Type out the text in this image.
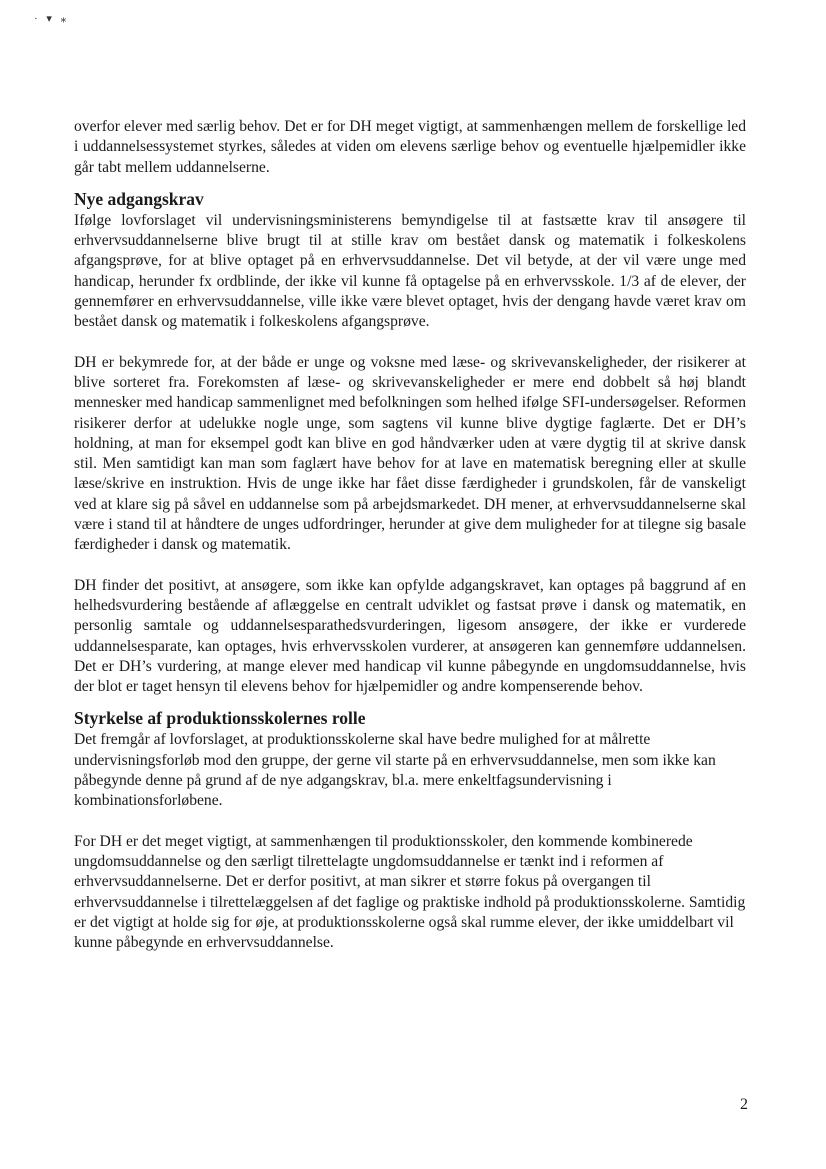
· ▾ ⁎

overfor elever med særlig behov. Det er for DH meget vigtigt, at sammenhængen mellem de forskellige led i uddannelsessystemet styrkes, således at viden om elevens særlige behov og eventuelle hjælpemidler ikke går tabt mellem uddannelserne.

Nye adgangskrav

Ifølge lovforslaget vil undervisningsministerens bemyndigelse til at fastsætte krav til ansøgere til erhvervsuddannelserne blive brugt til at stille krav om bestået dansk og matematik i folkeskolens afgangsprøve, for at blive optaget på en erhvervsuddannelse. Det vil betyde, at der vil være unge med handicap, herunder fx ordblinde, der ikke vil kunne få optagelse på en erhvervsskole. 1/3 af de elever, der gennemfører en erhvervsuddannelse, ville ikke være blevet optaget, hvis der dengang havde været krav om bestået dansk og matematik i folkeskolens afgangsprøve.

DH er bekymrede for, at der både er unge og voksne med læse- og skrivevanskeligheder, der risikerer at blive sorteret fra. Forekomsten af læse- og skrivevanskeligheder er mere end dobbelt så høj blandt mennesker med handicap sammenlignet med befolkningen som helhed ifølge SFI-undersøgelser. Reformen risikerer derfor at udelukke nogle unge, som sagtens vil kunne blive dygtige faglærte. Det er DH’s holdning, at man for eksempel godt kan blive en god håndværker uden at være dygtig til at skrive dansk stil. Men samtidigt kan man som faglært have behov for at lave en matematisk beregning eller at skulle læse/skrive en instruktion. Hvis de unge ikke har fået disse færdigheder i grundskolen, får de vanskeligt ved at klare sig på såvel en uddannelse som på arbejdsmarkedet. DH mener, at erhvervsuddannelserne skal være i stand til at håndtere de unges udfordringer, herunder at give dem muligheder for at tilegne sig basale færdigheder i dansk og matematik.

DH finder det positivt, at ansøgere, som ikke kan opfylde adgangskravet, kan optages på baggrund af en helhedsvurdering bestående af aflæggelse en centralt udviklet og fastsat prøve i dansk og matematik, en personlig samtale og uddannelsesparathedsvurderingen, ligesom ansøgere, der ikke er vurderede uddannelsesparate, kan optages, hvis erhvervsskolen vurderer, at ansøgeren kan gennemføre uddannelsen. Det er DH’s vurdering, at mange elever med handicap vil kunne påbegynde en ungdomsuddannelse, hvis der blot er taget hensyn til elevens behov for hjælpemidler og andre kompenserende behov.

Styrkelse af produktionsskolernes rolle

Det fremgår af lovforslaget, at produktionsskolerne skal have bedre mulighed for at målrette undervisningsforløb mod den gruppe, der gerne vil starte på en erhvervsuddannelse, men som ikke kan påbegynde denne på grund af de nye adgangskrav, bl.a. mere enkeltfagsundervisning i kombinationsforløbene.

For DH er det meget vigtigt, at sammenhængen til produktionsskoler, den kommende kombinerede ungdomsuddannelse og den særligt tilrettelagte ungdomsuddannelse er tænkt ind i reformen af erhvervsuddannelserne. Det er derfor positivt, at man sikrer et større fokus på overgangen til erhvervsuddannelse i tilrettelæggelsen af det faglige og praktiske indhold på produktionsskolerne. Samtidig er det vigtigt at holde sig for øje, at produktionsskolerne også skal rumme elever, der ikke umiddelbart vil kunne påbegynde en erhvervsuddannelse.

2
